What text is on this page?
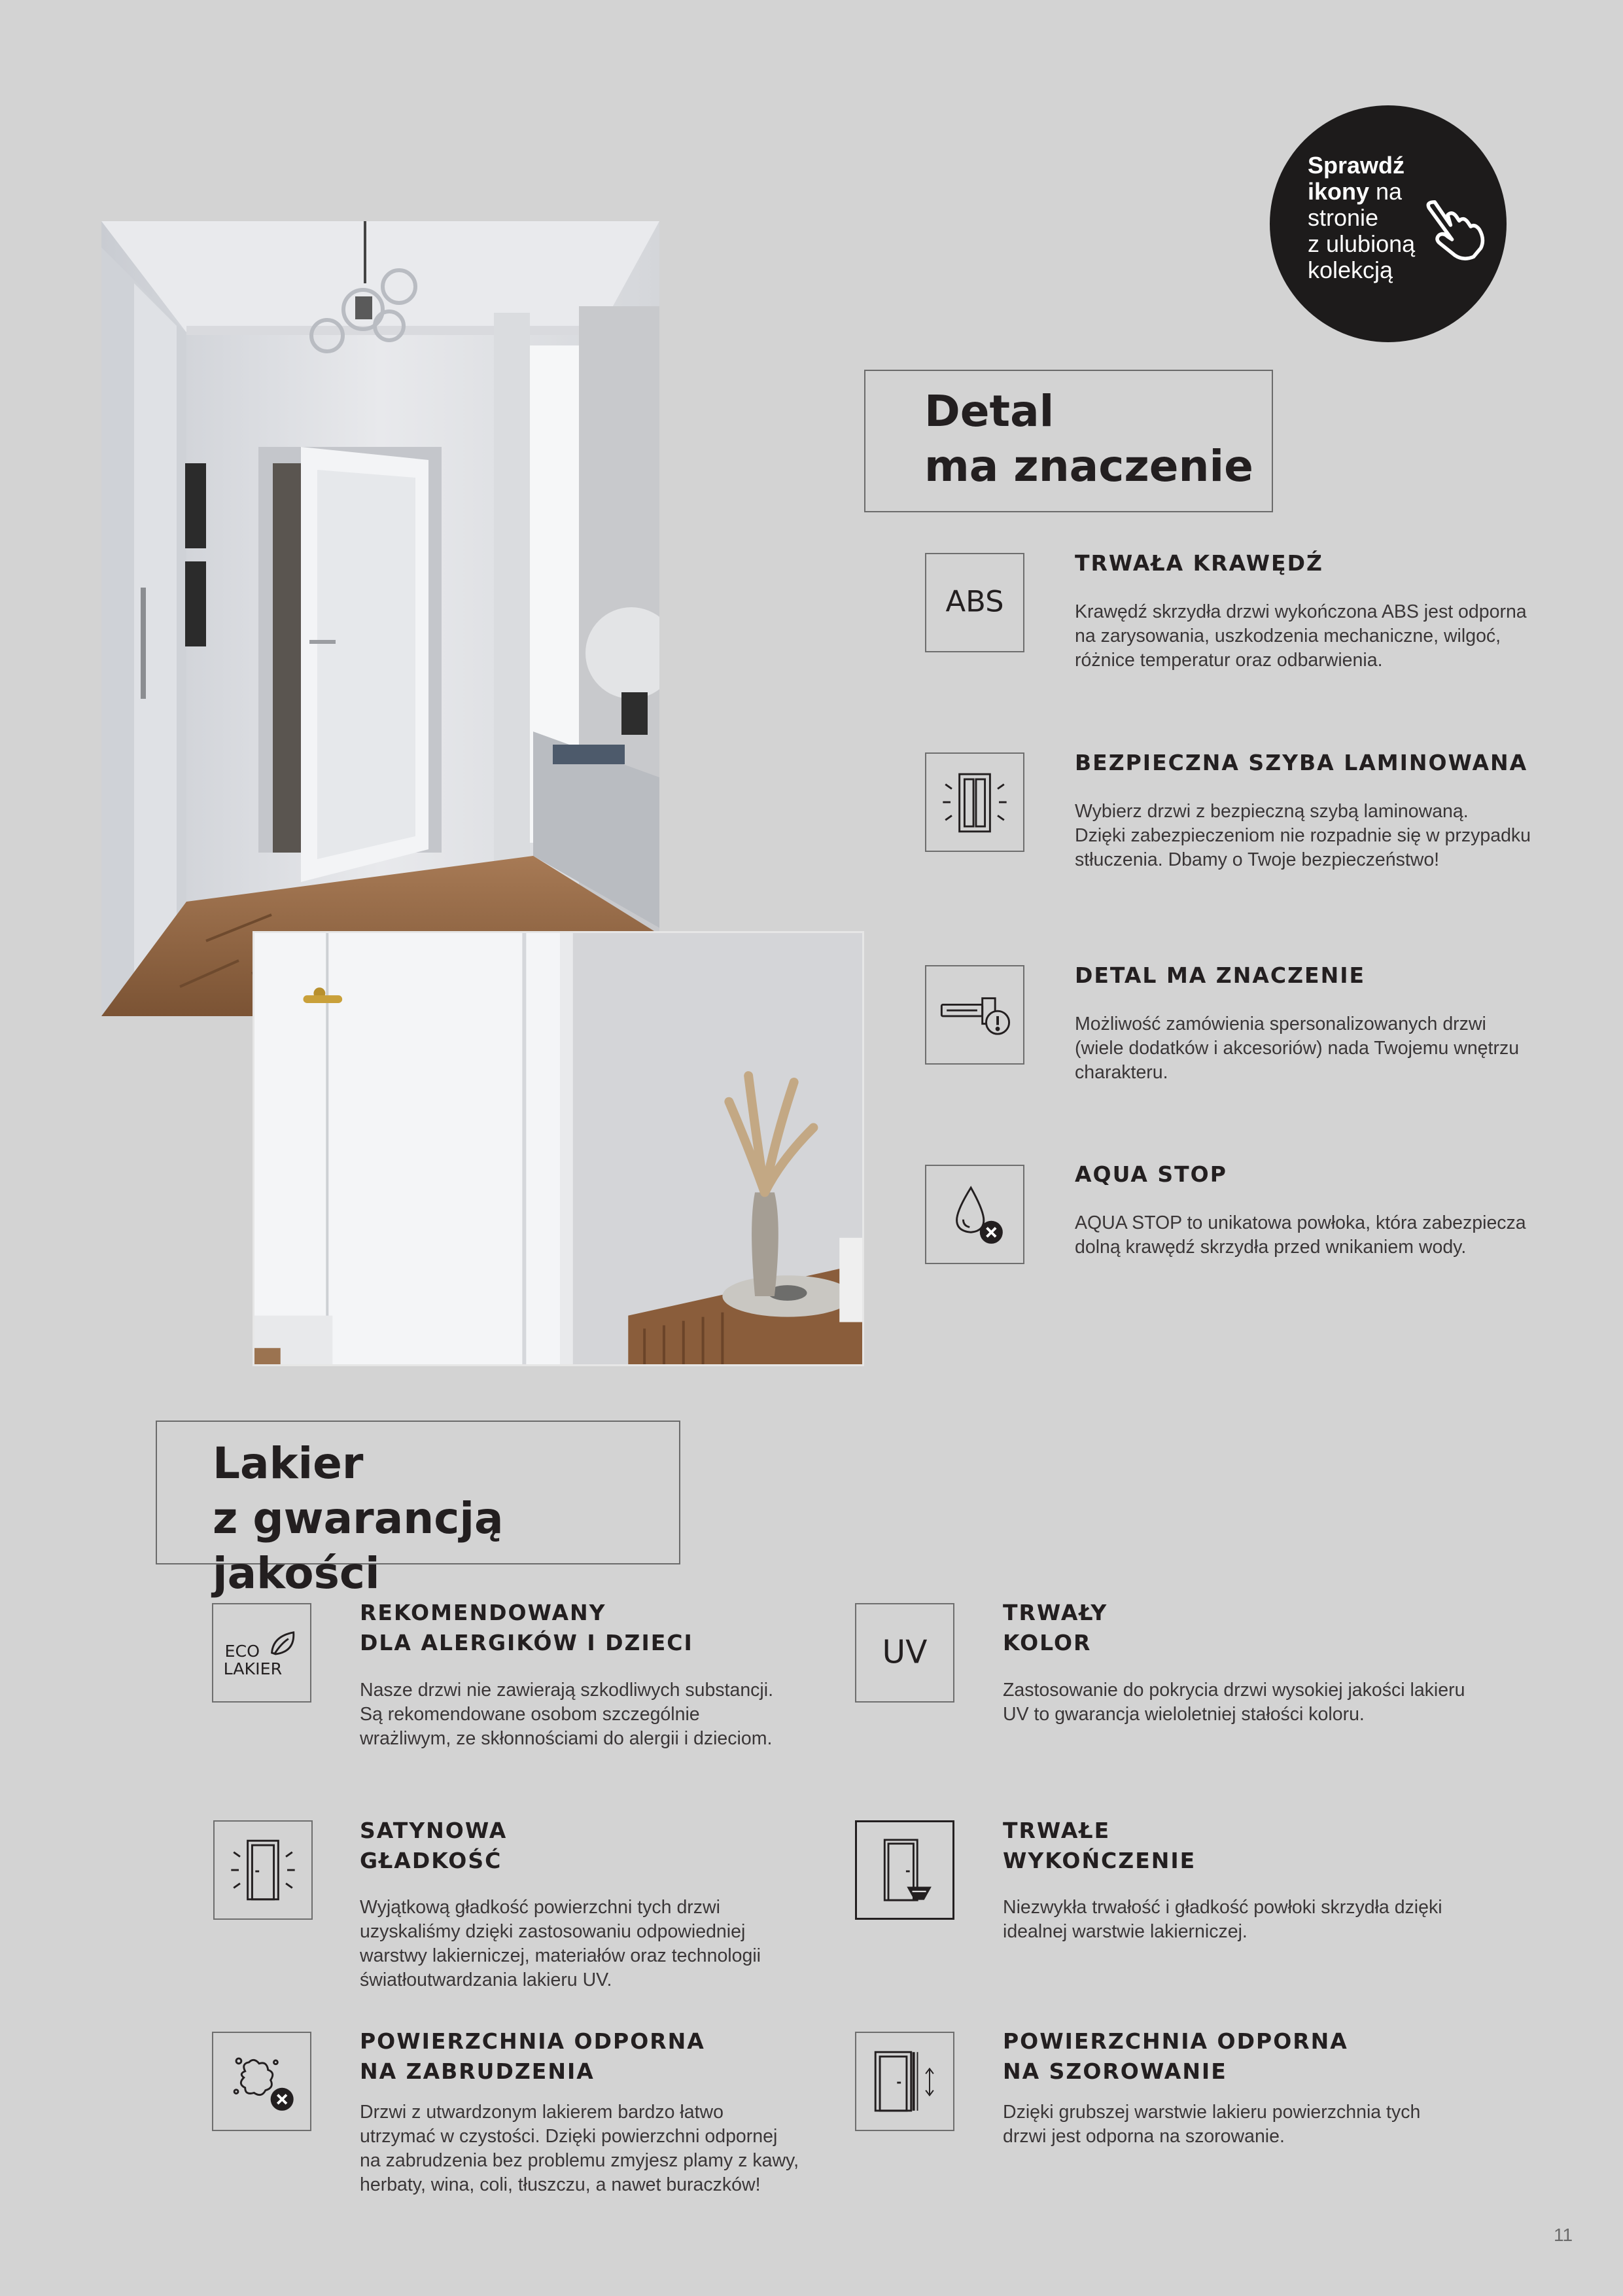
Sprawdź
ikony na
stronie
z ulubioną
kolekcją
Detal
ma znaczenie
ABS
TRWAŁA KRAWĘDŹ

Krawędź skrzydła drzwi wykończona ABS jest odporna
na zarysowania, uszkodzenia mechaniczne, wilgoć,
różnice temperatur oraz odbarwienia.

BEZPIECZNA SZYBA LAMINOWANA

Wybierz drzwi z bezpieczną szybą laminowaną.
Dzięki zabezpieczeniom nie rozpadnie się w przypadku
stłuczenia. Dbamy o Twoje bezpieczeństwo!

DETAL MA ZNACZENIE

Możliwość zamówienia spersonalizowanych drzwi
(wiele dodatków i akcesoriów) nada Twojemu wnętrzu
charakteru.

AQUA STOP

AQUA STOP to unikatowa powłoka, która zabezpiecza
dolną krawędź skrzydła przed wnikaniem wody.

Lakier
z gwarancją jakości
ECO
LAKIER
REKOMENDOWANY
DLA ALERGIKÓW I DZIECI

Nasze drzwi nie zawierają szkodliwych substancji.
Są rekomendowane osobom szczególnie
wrażliwym, ze skłonnościami do alergii i dzieciom.

UV
TRWAŁY
KOLOR

Zastosowanie do pokrycia drzwi wysokiej jakości lakieru
UV to gwarancja wieloletniej stałości koloru.

SATYNOWA
GŁADKOŚĆ

Wyjątkową gładkość powierzchni tych drzwi
uzyskaliśmy dzięki zastosowaniu odpowiedniej
warstwy lakierniczej, materiałów oraz technologii
światłoutwardzania lakieru UV.

TRWAŁE
WYKOŃCZENIE

Niezwykła trwałość i gładkość powłoki skrzydła dzięki
idealnej warstwie lakierniczej.

POWIERZCHNIA ODPORNA
NA ZABRUDZENIA

Drzwi z utwardzonym lakierem bardzo łatwo
utrzymać w czystości. Dzięki powierzchni odpornej
na zabrudzenia bez problemu zmyjesz plamy z kawy,
herbaty, wina, coli, tłuszczu, a nawet buraczków!

POWIERZCHNIA ODPORNA
NA SZOROWANIE

Dzięki grubszej warstwie lakieru powierzchnia tych
drzwi jest odporna na szorowanie.

11
